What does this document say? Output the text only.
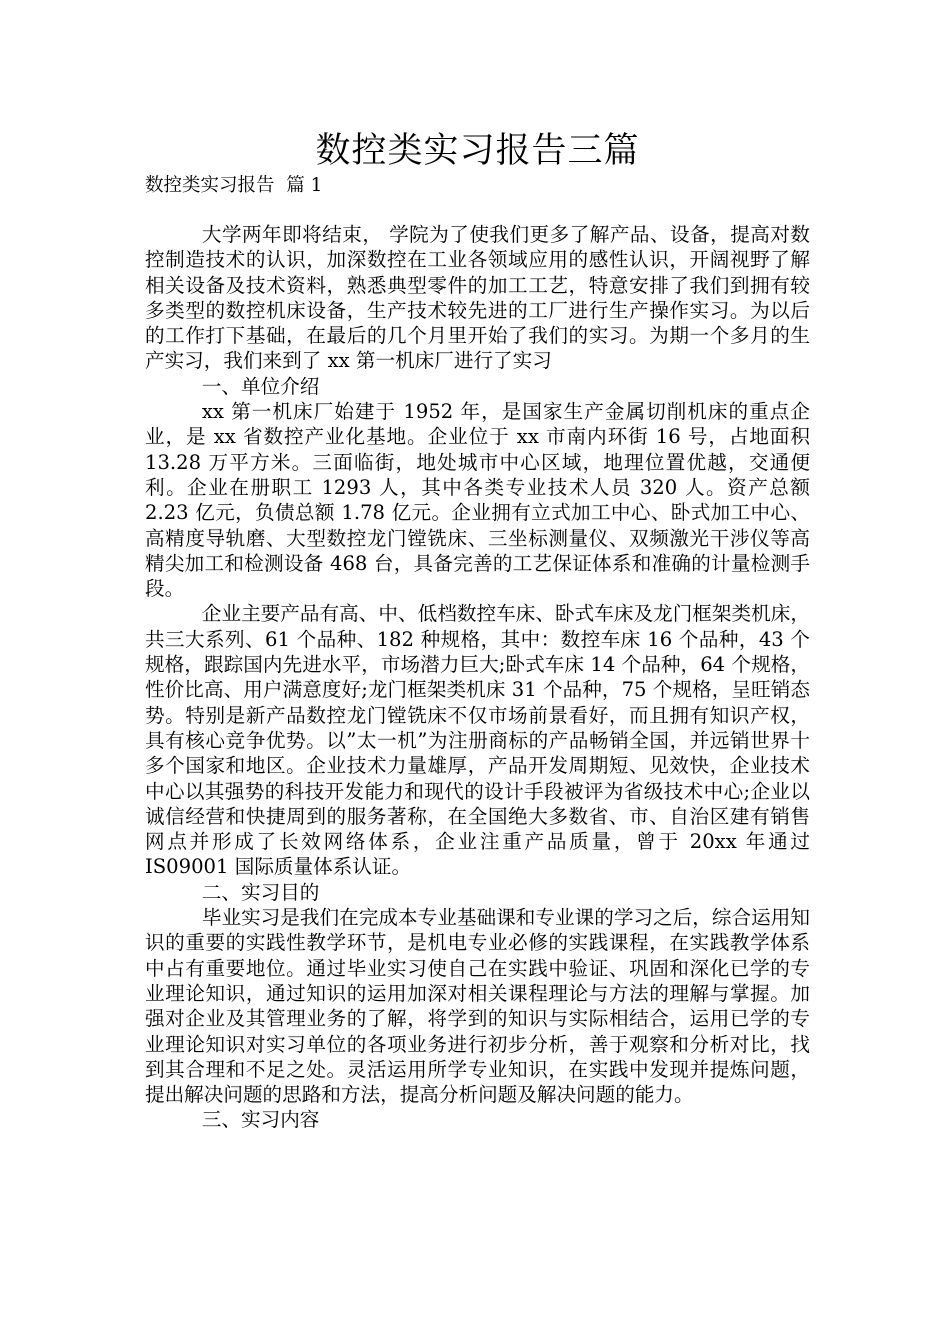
数控类实习报告三篇

数控类实习报告  篇 1

大学两年即将结束， 学院为了使我们更多了解产品、设备，提高对数控制造技术的认识，加深数控在工业各领域应用的感性认识，开阔视野了解相关设备及技术资料，熟悉典型零件的加工工艺，特意安排了我们到拥有较多类型的数控机床设备，生产技术较先进的工厂进行生产操作实习。为以后的工作打下基础，在最后的几个月里开始了我们的实习。为期一个多月的生产实习，我们来到了 xx 第一机床厂进行了实习

一、单位介绍

xx 第一机床厂始建于 1952 年，是国家生产金属切削机床的重点企业，是 xx 省数控产业化基地。企业位于 xx 市南内环街 16 号，占地面积 13.28 万平方米。三面临街，地处城市中心区域，地理位置优越，交通便利。企业在册职工 1293 人，其中各类专业技术人员 320 人。资产总额 2.23 亿元，负债总额 1.78 亿元。企业拥有立式加工中心、卧式加工中心、高精度导轨磨、大型数控龙门镗铣床、三坐标测量仪、双频激光干涉仪等高精尖加工和检测设备 468 台，具备完善的工艺保证体系和准确的计量检测手段。

企业主要产品有高、中、低档数控车床、卧式车床及龙门框架类机床，共三大系列、61 个品种、182 种规格，其中：数控车床 16 个品种，43 个规格，跟踪国内先进水平，市场潜力巨大;卧式车床 14 个品种，64 个规格，性价比高、用户满意度好;龙门框架类机床 31 个品种，75 个规格，呈旺销态势。特别是新产品数控龙门镗铣床不仅市场前景看好，而且拥有知识产权，具有核心竞争优势。以”太一机”为注册商标的产品畅销全国，并远销世界十多个国家和地区。企业技术力量雄厚，产品开发周期短、见效快，企业技术中心以其强势的科技开发能力和现代的设计手段被评为省级技术中心;企业以诚信经营和快捷周到的服务著称，在全国绝大多数省、市、自治区建有销售网点并形成了长效网络体系，企业注重产品质量，曾于 20xx 年通过 IS09001 国际质量体系认证。

二、实习目的

毕业实习是我们在完成本专业基础课和专业课的学习之后，综合运用知识的重要的实践性教学环节，是机电专业必修的实践课程，在实践教学体系中占有重要地位。通过毕业实习使自己在实践中验证、巩固和深化已学的专业理论知识，通过知识的运用加深对相关课程理论与方法的理解与掌握。加强对企业及其管理业务的了解，将学到的知识与实际相结合，运用已学的专业理论知识对实习单位的各项业务进行初步分析，善于观察和分析对比，找到其合理和不足之处。灵活运用所学专业知识，在实践中发现并提炼问题，提出解决问题的思路和方法，提高分析问题及解决问题的能力。

三、实习内容
